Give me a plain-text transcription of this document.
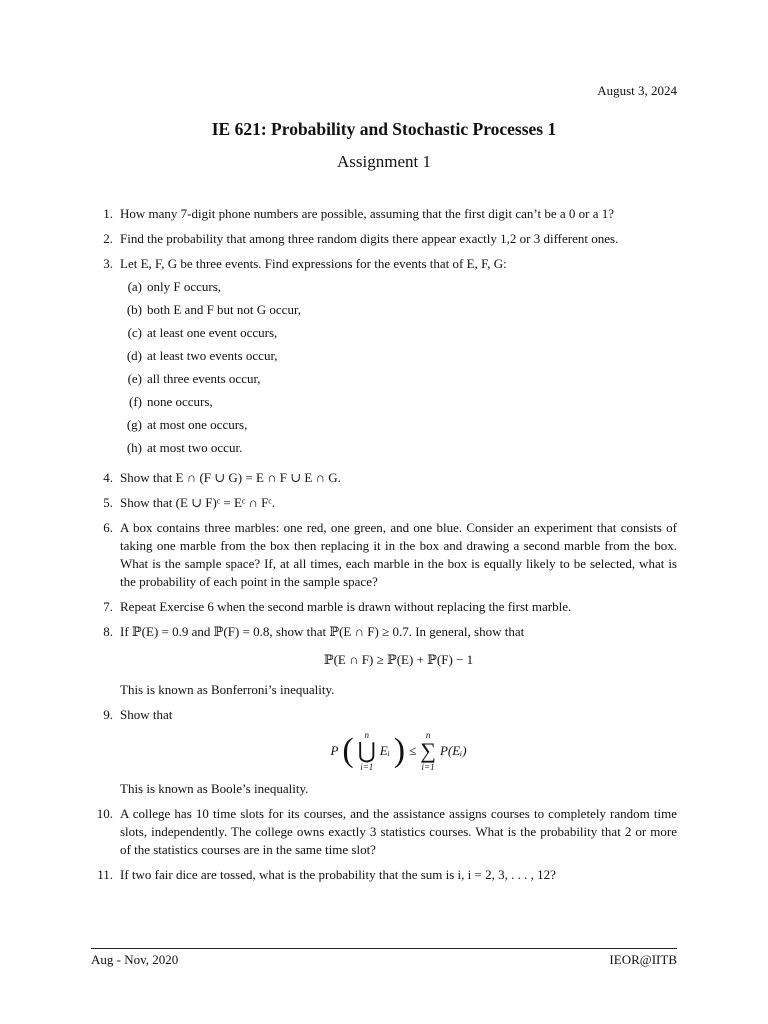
August 3, 2024
IE 621: Probability and Stochastic Processes 1
Assignment 1
1. How many 7-digit phone numbers are possible, assuming that the first digit can’t be a 0 or a 1?
2. Find the probability that among three random digits there appear exactly 1,2 or 3 different ones.
3. Let E, F, G be three events. Find expressions for the events that of E, F, G:
(a) only F occurs,
(b) both E and F but not G occur,
(c) at least one event occurs,
(d) at least two events occur,
(e) all three events occur,
(f) none occurs,
(g) at most one occurs,
(h) at most two occur.
4. Show that E ∩ (F ∪ G) = E ∩ F ∪ E ∩ G.
5. Show that (E ∪ F)ᶜ = Eᶜ ∩ Fᶜ.
6. A box contains three marbles: one red, one green, and one blue. Consider an experiment that consists of taking one marble from the box then replacing it in the box and drawing a second marble from the box. What is the sample space? If, at all times, each marble in the box is equally likely to be selected, what is the probability of each point in the sample space?
7. Repeat Exercise 6 when the second marble is drawn without replacing the first marble.
8. If ℙ(E) = 0.9 and ℙ(F) = 0.8, show that ℙ(E ∩ F) ≥ 0.7. In general, show that
ℙ(E ∩ F) ≥ ℙ(E) + ℙ(F) − 1
This is known as Bonferroni’s inequality.
9. Show that
P ( n
⋃
i=1
Eᵢ ) ≤
n
∑
i=1
P(Eᵢ)
This is known as Boole’s inequality.
10. A college has 10 time slots for its courses, and the assistance assigns courses to completely random time slots, independently. The college owns exactly 3 statistics courses. What is the probability that 2 or more of the statistics courses are in the same time slot?
11. If two fair dice are tossed, what is the probability that the sum is i, i = 2, 3, . . . , 12?
Aug - Nov, 2020	IEOR@IITB
